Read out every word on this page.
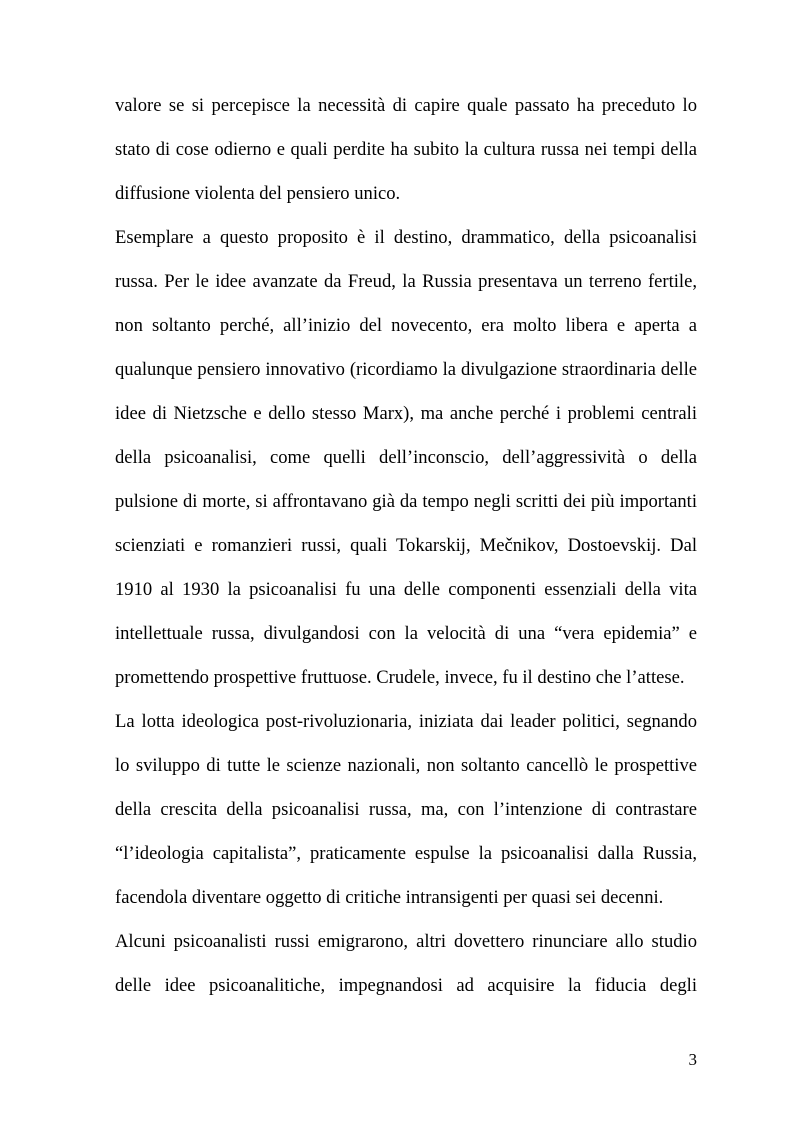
valore se si percepisce la necessità di capire quale passato ha preceduto lo
stato di cose odierno e quali perdite ha subito la cultura russa nei tempi della
diffusione violenta del pensiero unico.
Esemplare a questo proposito è il destino, drammatico, della psicoanalisi
russa. Per le idee avanzate da Freud, la Russia presentava un terreno fertile,
non soltanto perché, all’inizio del novecento, era molto libera e aperta a
qualunque pensiero innovativo (ricordiamo la divulgazione straordinaria delle
idee di Nietzsche e dello stesso Marx), ma anche perché i problemi centrali
della psicoanalisi, come quelli dell’inconscio, dell’aggressività o della
pulsione di morte, si affrontavano già da tempo negli scritti dei più importanti
scienziati e romanzieri russi, quali Tokarskij, Mečnikov, Dostoevskij. Dal
1910 al 1930 la psicoanalisi fu una delle componenti essenziali della vita
intellettuale russa, divulgandosi con la velocità di una “vera epidemia” e
promettendo prospettive fruttuose. Crudele, invece, fu il destino che l’attese.
La lotta ideologica post-rivoluzionaria, iniziata dai leader politici, segnando
lo sviluppo di tutte le scienze nazionali, non soltanto cancellò le prospettive
della crescita della psicoanalisi russa, ma, con l’intenzione di contrastare
“l’ideologia capitalista”, praticamente espulse la psicoanalisi dalla Russia,
facendola diventare oggetto di critiche intransigenti per quasi sei decenni.
Alcuni psicoanalisti russi emigrarono, altri dovettero rinunciare allo studio
delle idee psicoanalitiche, impegnandosi ad acquisire la fiducia degli
3
